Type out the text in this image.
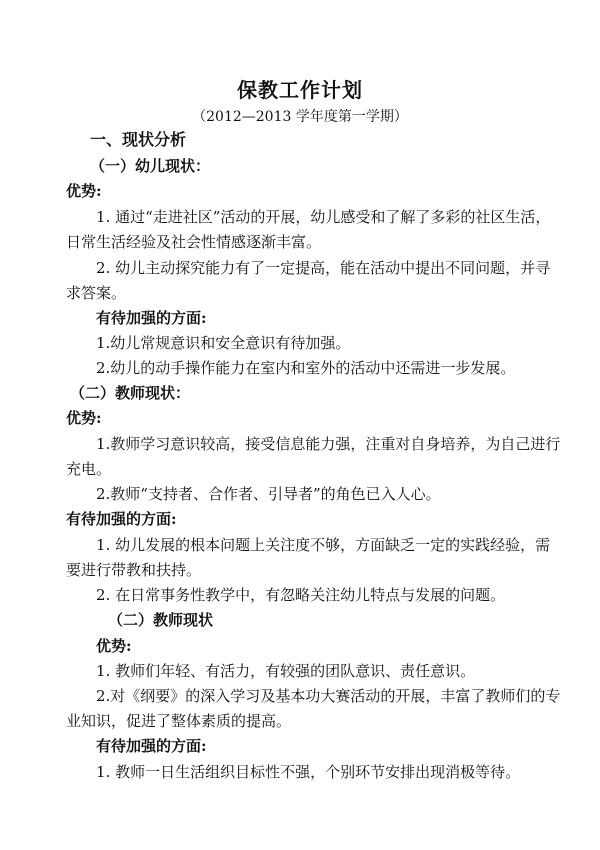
保教工作计划
（2012—2013 学年度第一学期）
一、现状分析
（一）幼儿现状：
优势:
1. 通过“走进社区”活动的开展，幼儿感受和了解了多彩的社区生活，
日常生活经验及社会性情感逐渐丰富。
2. 幼儿主动探究能力有了一定提高，能在活动中提出不同问题，并寻
求答案。
有待加强的方面:
1.幼儿常规意识和安全意识有待加强。
2.幼儿的动手操作能力在室内和室外的活动中还需进一步发展。
（二）教师现状：
优势:
1.教师学习意识较高，接受信息能力强，注重对自身培养，为自己进行
充电。
2.教师“支持者、合作者、引导者”的角色已入人心。
有待加强的方面:
1. 幼儿发展的根本问题上关注度不够，方面缺乏一定的实践经验，需
要进行带教和扶持。
2. 在日常事务性教学中，有忽略关注幼儿特点与发展的问题。
（二）教师现状
优势:
1. 教师们年轻、有活力，有较强的团队意识、责任意识。
2.对《纲要》的深入学习及基本功大赛活动的开展，丰富了教师们的专
业知识，促进了整体素质的提高。
有待加强的方面:
1. 教师一日生活组织目标性不强，个别环节安排出现消极等待。
